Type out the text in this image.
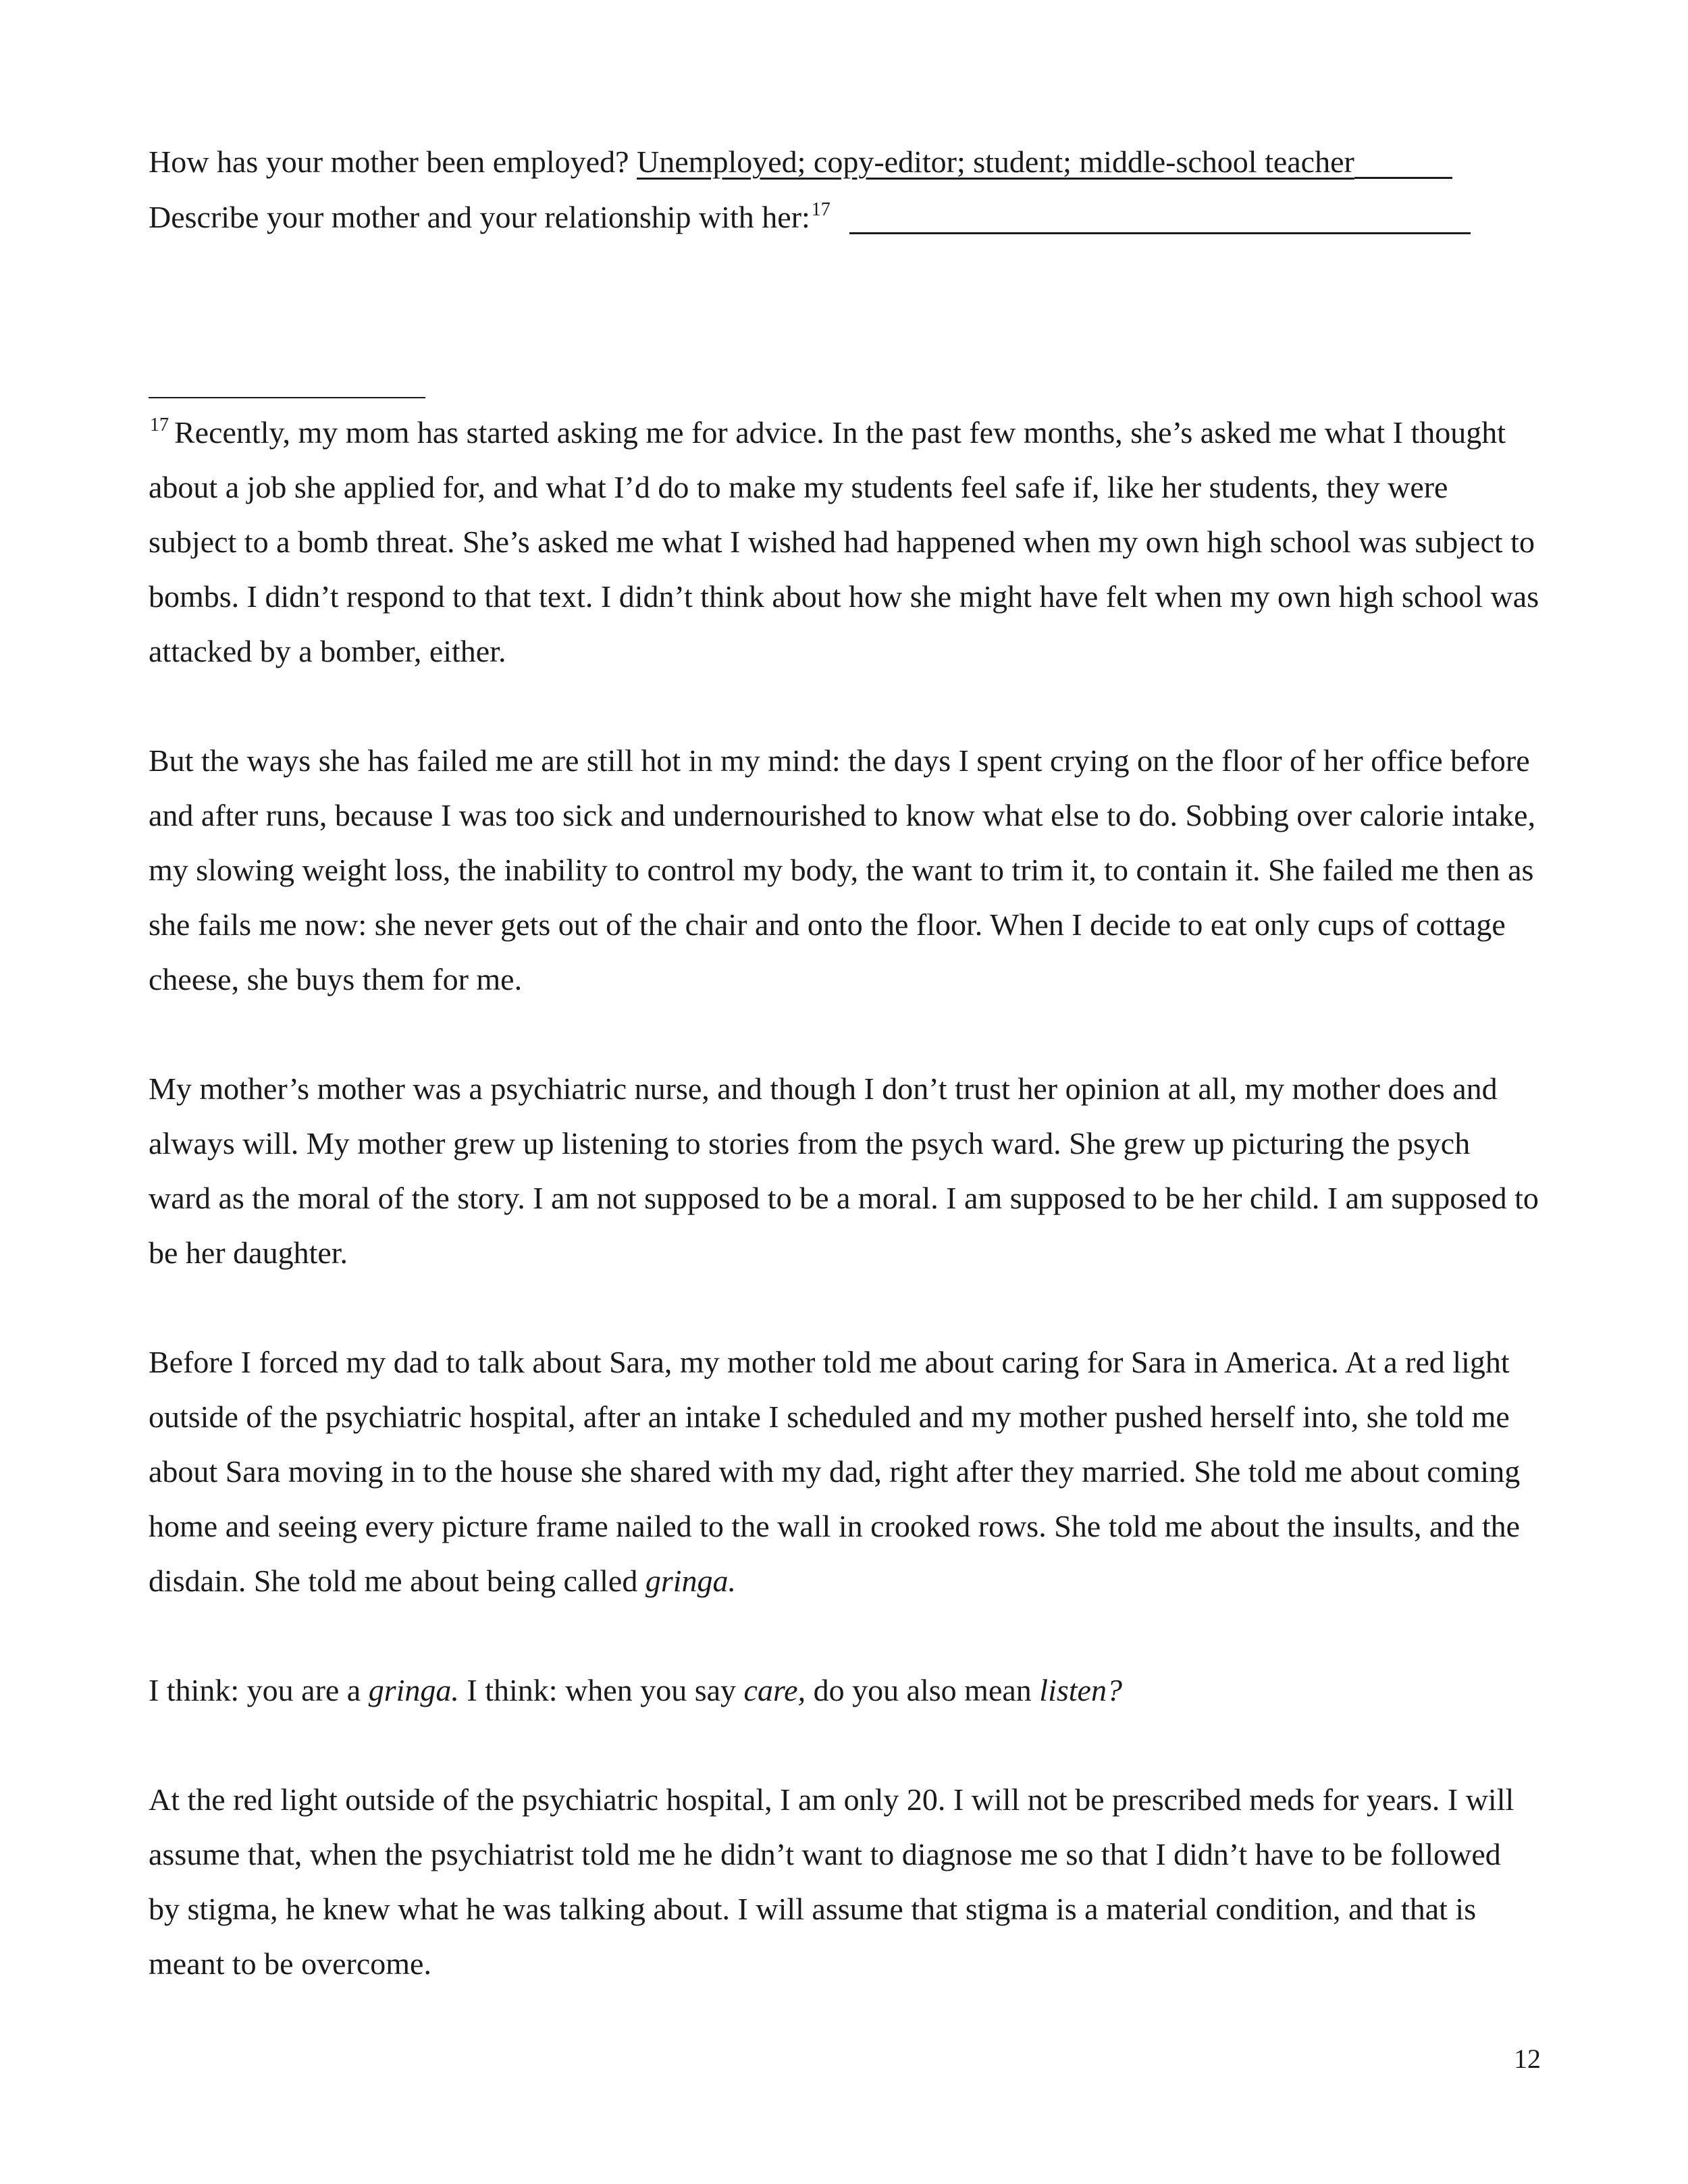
How has your mother been employed? Unemployed; copy-editor; student; middle-school teacher
Describe your mother and your relationship with her:$^{17}$

$^{17}$ Recently, my mom has started asking me for advice. In the past few months, she’s asked me what I thought about a job she applied for, and what I’d do to make my students feel safe if, like her students, they were subject to a bomb threat. She’s asked me what I wished had happened when my own high school was subject to bombs. I didn’t respond to that text. I didn’t think about how she might have felt when my own high school was attacked by a bomber, either.

But the ways she has failed me are still hot in my mind: the days I spent crying on the floor of her office before and after runs, because I was too sick and undernourished to know what else to do. Sobbing over calorie intake, my slowing weight loss, the inability to control my body, the want to trim it, to contain it. She failed me then as she fails me now: she never gets out of the chair and onto the floor. When I decide to eat only cups of cottage cheese, she buys them for me.

My mother’s mother was a psychiatric nurse, and though I don’t trust her opinion at all, my mother does and always will. My mother grew up listening to stories from the psych ward. She grew up picturing the psych ward as the moral of the story. I am not supposed to be a moral. I am supposed to be her child. I am supposed to be her daughter.

Before I forced my dad to talk about Sara, my mother told me about caring for Sara in America. At a red light outside of the psychiatric hospital, after an intake I scheduled and my mother pushed herself into, she told me about Sara moving in to the house she shared with my dad, right after they married. She told me about coming home and seeing every picture frame nailed to the wall in crooked rows. She told me about the insults, and the disdain. She told me about being called gringa.

I think: you are a gringa. I think: when you say care, do you also mean listen?

At the red light outside of the psychiatric hospital, I am only 20. I will not be prescribed meds for years. I will assume that, when the psychiatrist told me he didn’t want to diagnose me so that I didn’t have to be followed by stigma, he knew what he was talking about. I will assume that stigma is a material condition, and that is meant to be overcome.

12
